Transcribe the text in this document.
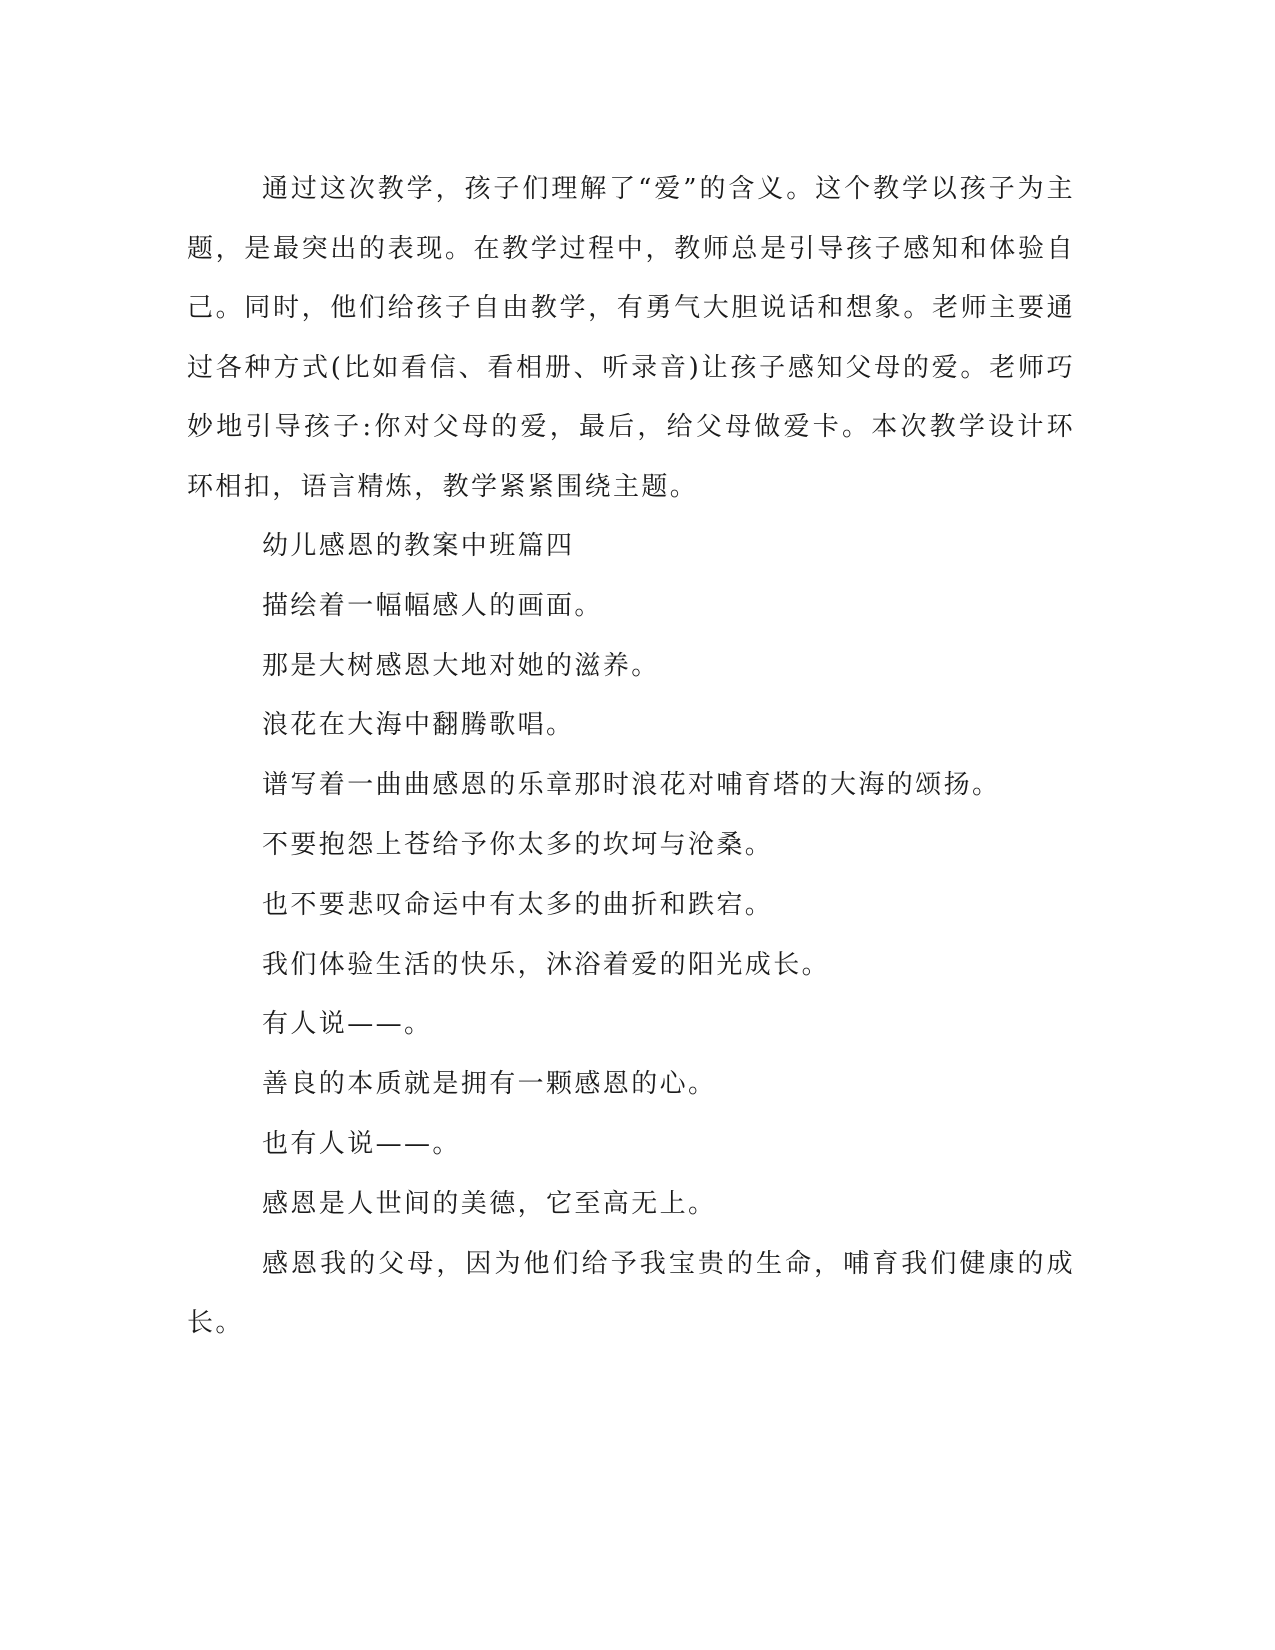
通过这次教学，孩子们理解了“爱”的含义。这个教学以孩子为主题，是最突出的表现。在教学过程中，教师总是引导孩子感知和体验自己。同时，他们给孩子自由教学，有勇气大胆说话和想象。老师主要通过各种方式(比如看信、看相册、听录音)让孩子感知父母的爱。老师巧妙地引导孩子:你对父母的爱，最后，给父母做爱卡。本次教学设计环环相扣，语言精炼，教学紧紧围绕主题。

幼儿感恩的教案中班篇四

描绘着一幅幅感人的画面。

那是大树感恩大地对她的滋养。

浪花在大海中翻腾歌唱。

谱写着一曲曲感恩的乐章那时浪花对哺育塔的大海的颂扬。

不要抱怨上苍给予你太多的坎坷与沧桑。

也不要悲叹命运中有太多的曲折和跌宕。

我们体验生活的快乐，沐浴着爱的阳光成长。

有人说——。

善良的本质就是拥有一颗感恩的心。

也有人说——。

感恩是人世间的美德，它至高无上。

感恩我的父母，因为他们给予我宝贵的生命，哺育我们健康的成长。
